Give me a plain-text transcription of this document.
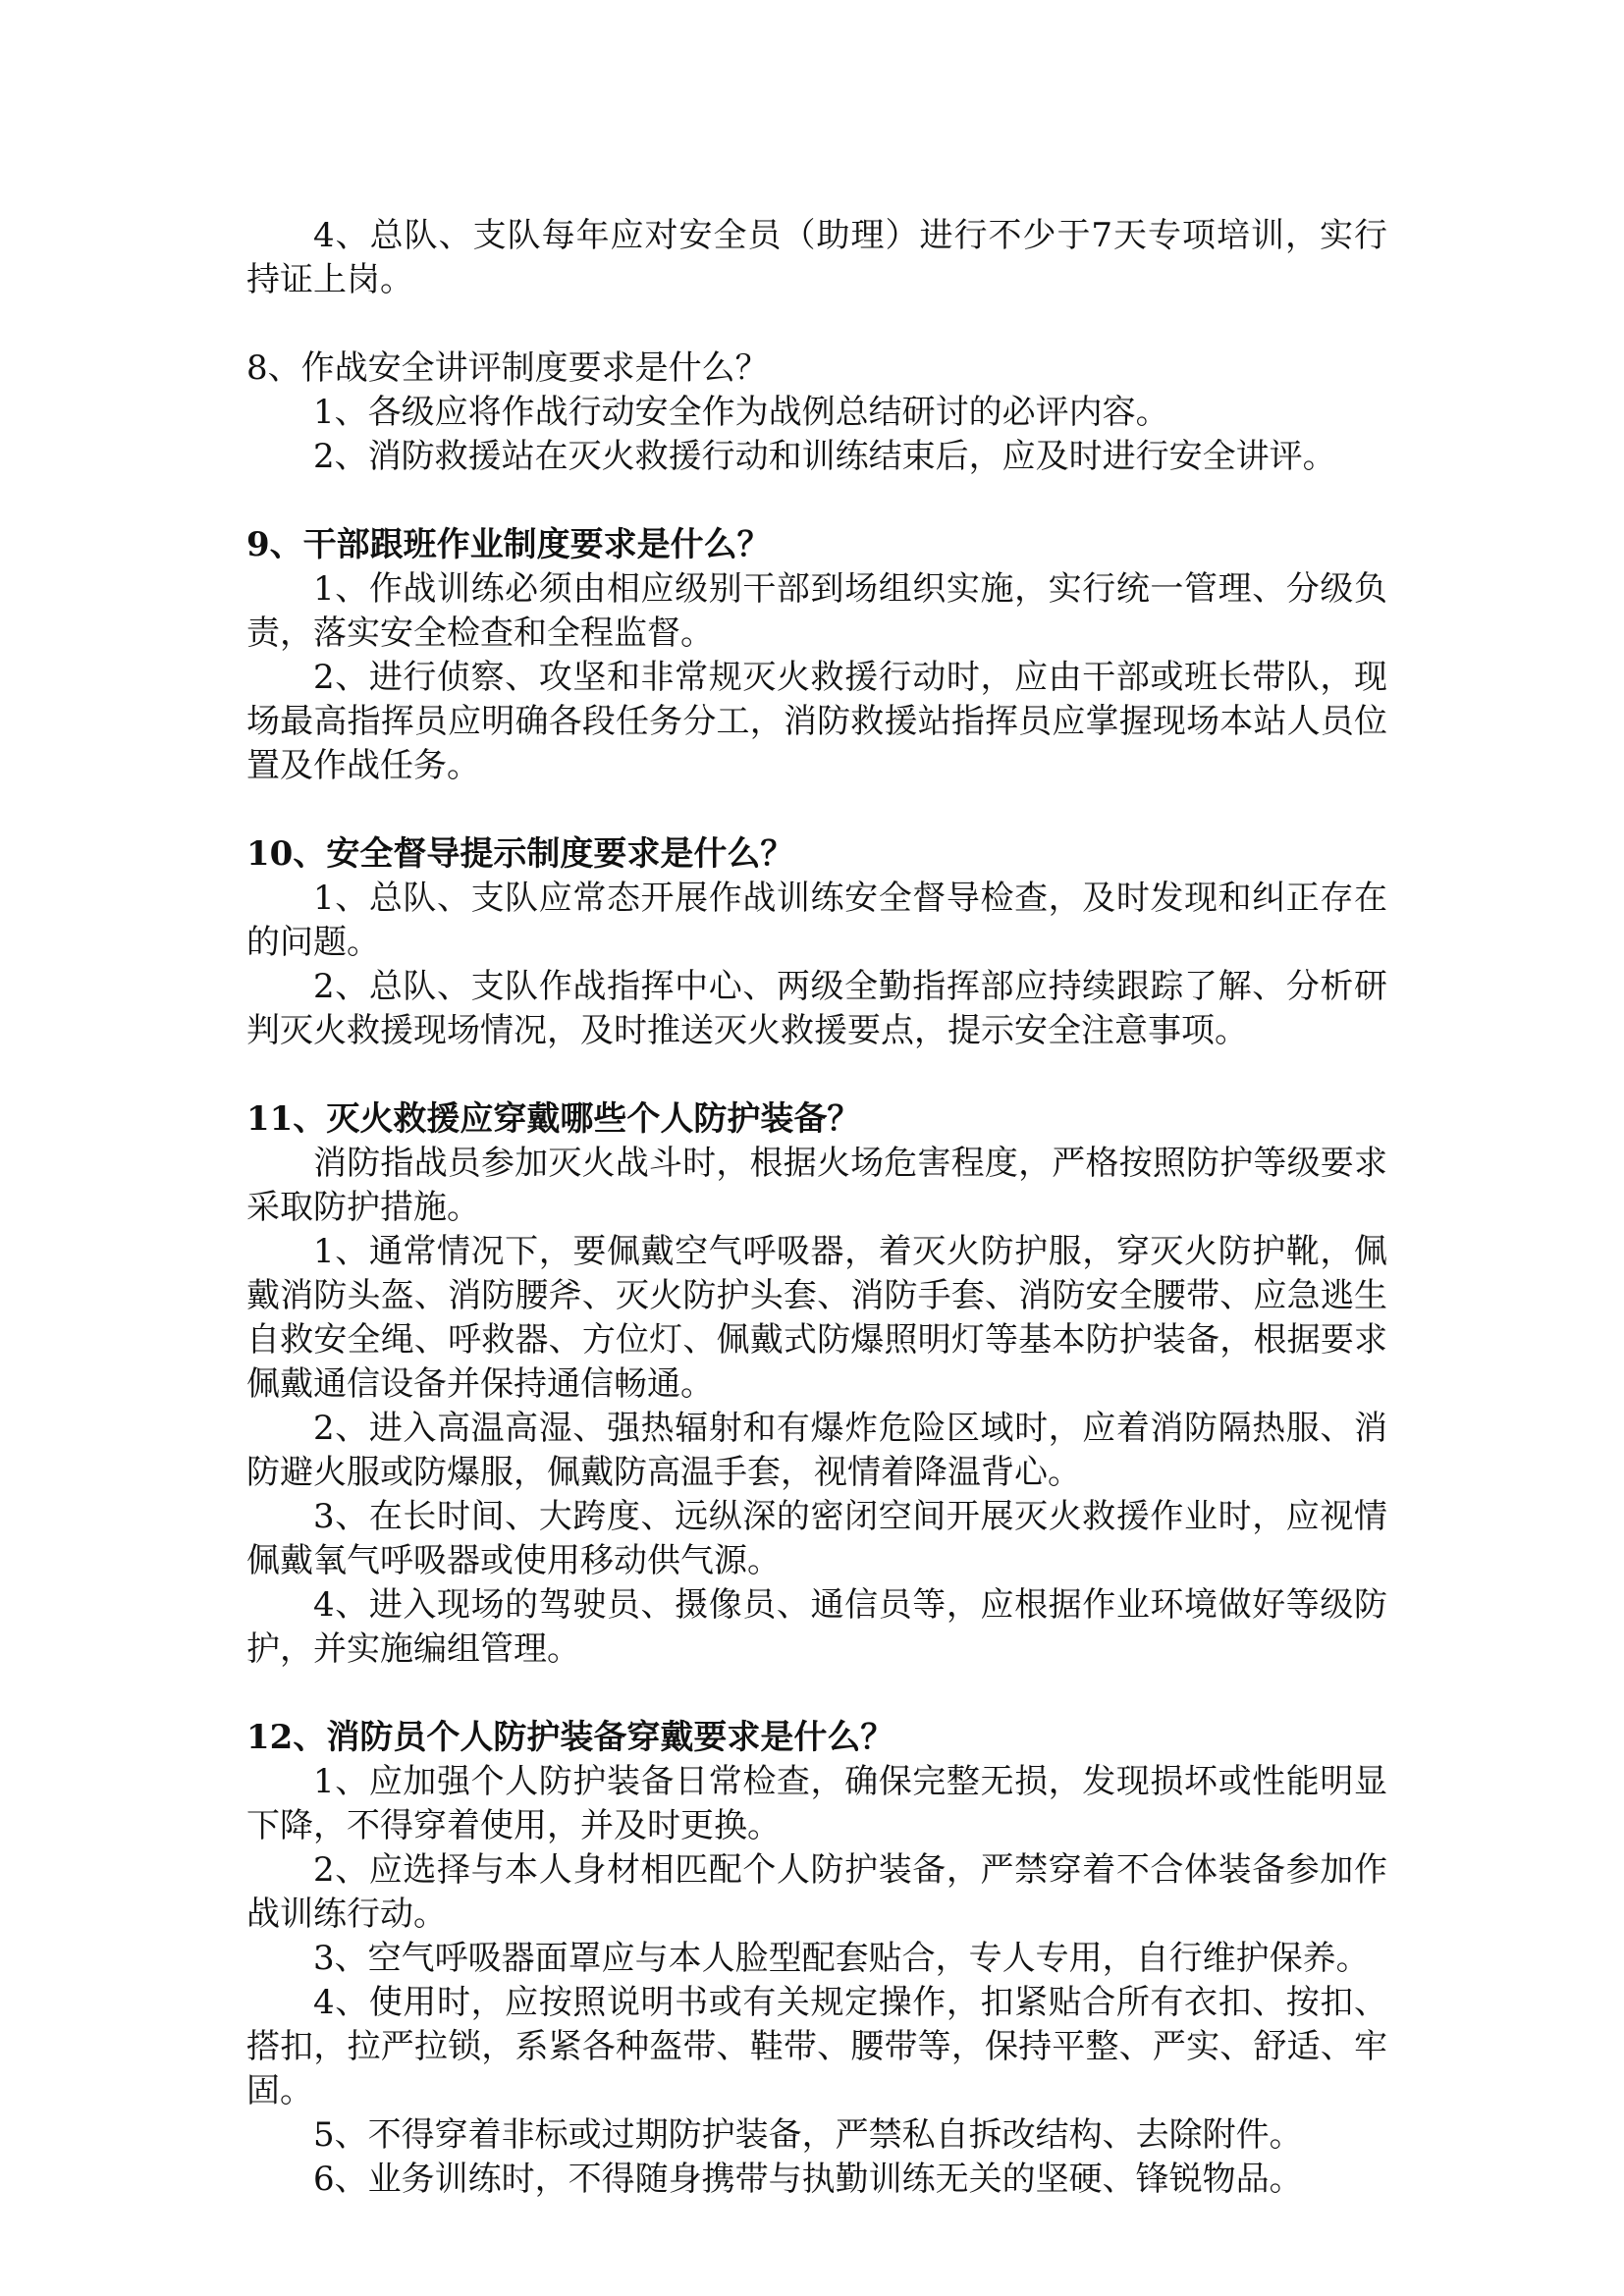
4、总队、支队每年应对安全员（助理）进行不少于7天专项培训，实行持证上岗。

8、作战安全讲评制度要求是什么？

1、各级应将作战行动安全作为战例总结研讨的必评内容。

2、消防救援站在灭火救援行动和训练结束后，应及时进行安全讲评。

9、干部跟班作业制度要求是什么？

1、作战训练必须由相应级别干部到场组织实施，实行统一管理、分级负责，落实安全检查和全程监督。

2、进行侦察、攻坚和非常规灭火救援行动时，应由干部或班长带队，现场最高指挥员应明确各段任务分工，消防救援站指挥员应掌握现场本站人员位置及作战任务。

10、安全督导提示制度要求是什么？

1、总队、支队应常态开展作战训练安全督导检查，及时发现和纠正存在的问题。

2、总队、支队作战指挥中心、两级全勤指挥部应持续跟踪了解、分析研判灭火救援现场情况，及时推送灭火救援要点，提示安全注意事项。

11、灭火救援应穿戴哪些个人防护装备？

消防指战员参加灭火战斗时，根据火场危害程度，严格按照防护等级要求采取防护措施。

1、通常情况下，要佩戴空气呼吸器，着灭火防护服，穿灭火防护靴，佩戴消防头盔、消防腰斧、灭火防护头套、消防手套、消防安全腰带、应急逃生自救安全绳、呼救器、方位灯、佩戴式防爆照明灯等基本防护装备，根据要求佩戴通信设备并保持通信畅通。

2、进入高温高湿、强热辐射和有爆炸危险区域时，应着消防隔热服、消防避火服或防爆服，佩戴防高温手套，视情着降温背心。

3、在长时间、大跨度、远纵深的密闭空间开展灭火救援作业时，应视情佩戴氧气呼吸器或使用移动供气源。

4、进入现场的驾驶员、摄像员、通信员等，应根据作业环境做好等级防护，并实施编组管理。

12、消防员个人防护装备穿戴要求是什么？

1、应加强个人防护装备日常检查，确保完整无损，发现损坏或性能明显下降，不得穿着使用，并及时更换。

2、应选择与本人身材相匹配个人防护装备，严禁穿着不合体装备参加作战训练行动。

3、空气呼吸器面罩应与本人脸型配套贴合，专人专用，自行维护保养。

4、使用时，应按照说明书或有关规定操作，扣紧贴合所有衣扣、按扣、搭扣，拉严拉锁，系紧各种盔带、鞋带、腰带等，保持平整、严实、舒适、牢固。

5、不得穿着非标或过期防护装备，严禁私自拆改结构、去除附件。

6、业务训练时，不得随身携带与执勤训练无关的坚硬、锋锐物品。
